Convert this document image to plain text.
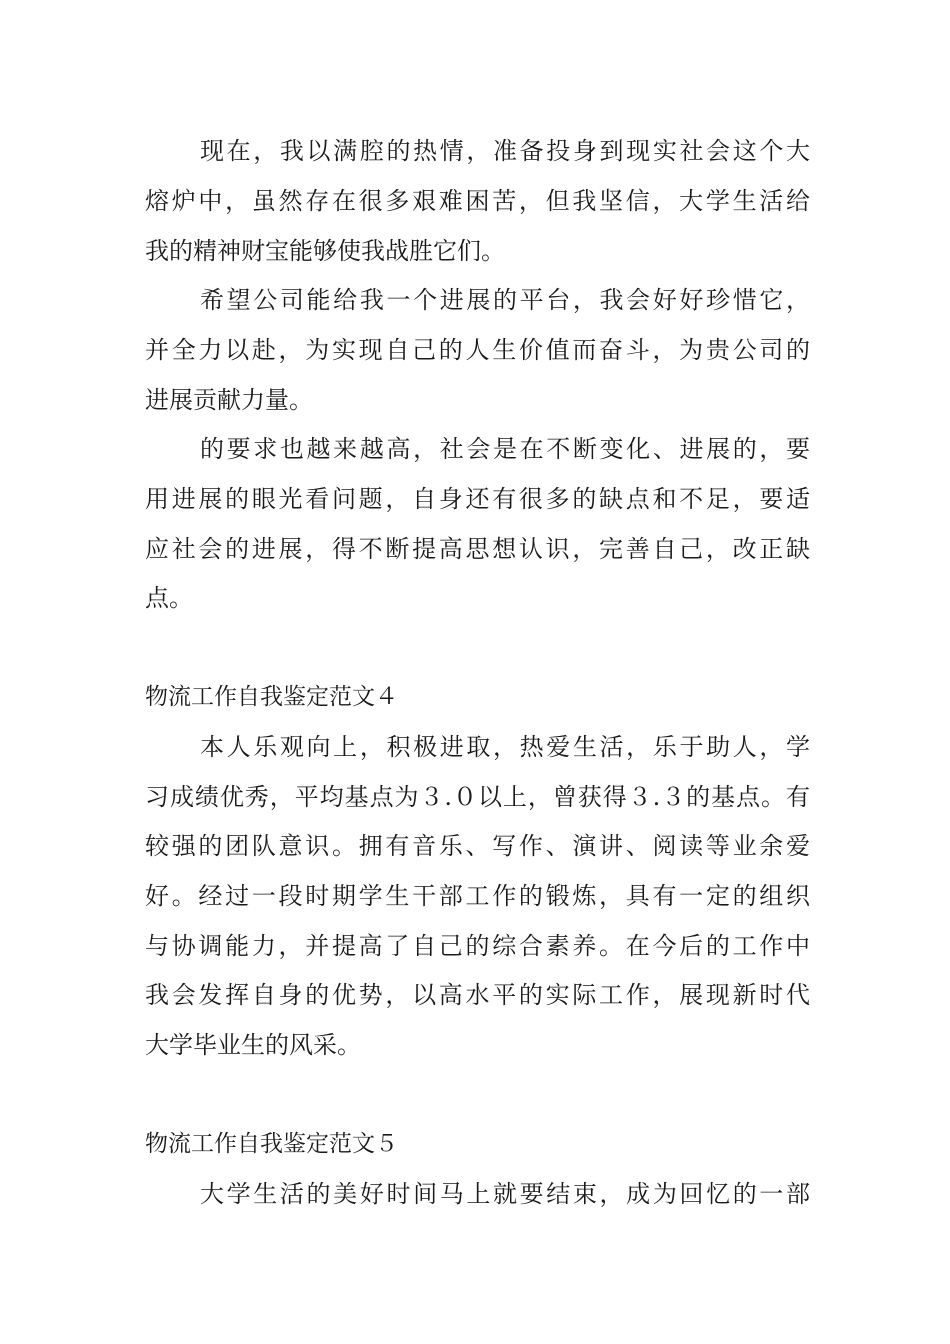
现在，我以满腔的热情，准备投身到现实社会这个大

熔炉中，虽然存在很多艰难困苦，但我坚信，大学生活给

我的精神财宝能够使我战胜它们。

希望公司能给我一个进展的平台，我会好好珍惜它，

并全力以赴，为实现自己的人生价值而奋斗，为贵公司的

进展贡献力量。

的要求也越来越高，社会是在不断变化、进展的，要

用进展的眼光看问题，自身还有很多的缺点和不足，要适

应社会的进展，得不断提高思想认识，完善自己，改正缺

点。

物流工作自我鉴定范文４

本人乐观向上，积极进取，热爱生活，乐于助人，学

习成绩优秀，平均基点为３.０以上，曾获得３.３的基点。有

较强的团队意识。拥有音乐、写作、演讲、阅读等业余爱

好。经过一段时期学生干部工作的锻炼，具有一定的组织

与协调能力，并提高了自己的综合素养。在今后的工作中

我会发挥自身的优势，以高水平的实际工作，展现新时代

大学毕业生的风采。

物流工作自我鉴定范文５

大学生活的美好时间马上就要结束，成为回忆的一部
